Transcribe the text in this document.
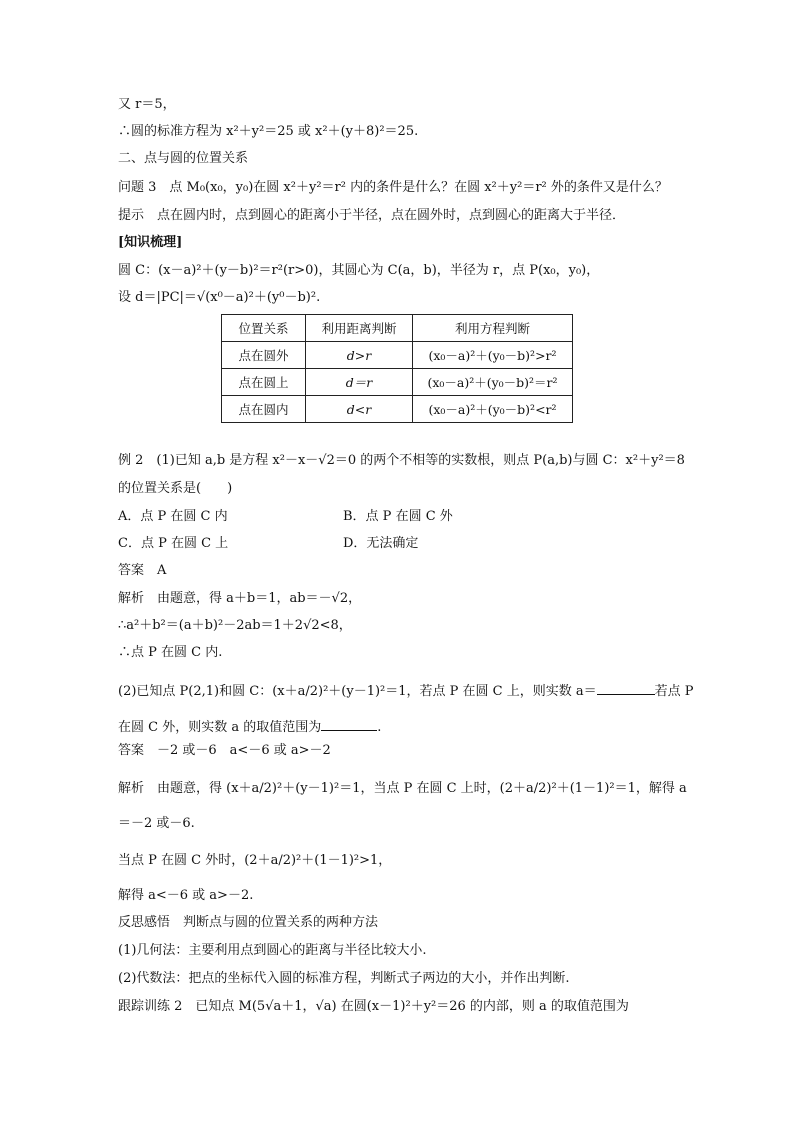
又 r＝5，
∴圆的标准方程为 x²＋y²＝25 或 x²＋(y＋8)²＝25.
二、点与圆的位置关系
问题 3　点 M₀(x₀，y₀)在圆 x²＋y²＝r² 内的条件是什么？在圆 x²＋y²＝r² 外的条件又是什么？
提示　点在圆内时，点到圆心的距离小于半径，点在圆外时，点到圆心的距离大于半径．
[知识梳理]
圆 C：(x－a)²＋(y－b)²＝r²(r>0)，其圆心为 C(a，b)，半径为 r，点 P(x₀，y₀)，
设 d＝|PC|＝√(x⁰－a)²＋(y⁰－b)².
位置关系	利用距离判断	利用方程判断
点在圆外	d>r	(x₀－a)²＋(y₀－b)²>r²
点在圆上	d＝r	(x₀－a)²＋(y₀－b)²＝r²
点在圆内	d<r	(x₀－a)²＋(y₀－b)²<r²
例 2　(1)已知 a,b 是方程 x²－x－√2＝0 的两个不相等的实数根，则点 P(a,b)与圆 C：x²＋y²＝8
的位置关系是(　　)
A．点 P 在圆 C 内	B．点 P 在圆 C 外
C．点 P 在圆 C 上	D．无法确定
答案　A
解析　由题意，得 a＋b＝1，ab＝－√2，
∴a²＋b²＝(a＋b)²－2ab＝1＋2√2<8，
∴点 P 在圆 C 内.
(2)已知点 P(2,1)和圆 C：(x＋a/2)²＋(y－1)²＝1，若点 P 在圆 C 上，则实数 a＝	若点 P
在圆 C 外，则实数 a 的取值范围为	.
答案　－2 或－6　a<－6 或 a>－2
解析　由题意，得 (x＋a/2)²＋(y－1)²＝1，当点 P 在圆 C 上时，(2＋a/2)²＋(1－1)²＝1，解得 a
＝－2 或－6.
当点 P 在圆 C 外时，(2＋a/2)²＋(1－1)²>1，
解得 a<－6 或 a>－2.
反思感悟　判断点与圆的位置关系的两种方法
(1)几何法：主要利用点到圆心的距离与半径比较大小.
(2)代数法：把点的坐标代入圆的标准方程，判断式子两边的大小，并作出判断.
跟踪训练 2　已知点 M(5√a＋1，√a) 在圆(x－1)²＋y²＝26 的内部，则 a 的取值范围为
